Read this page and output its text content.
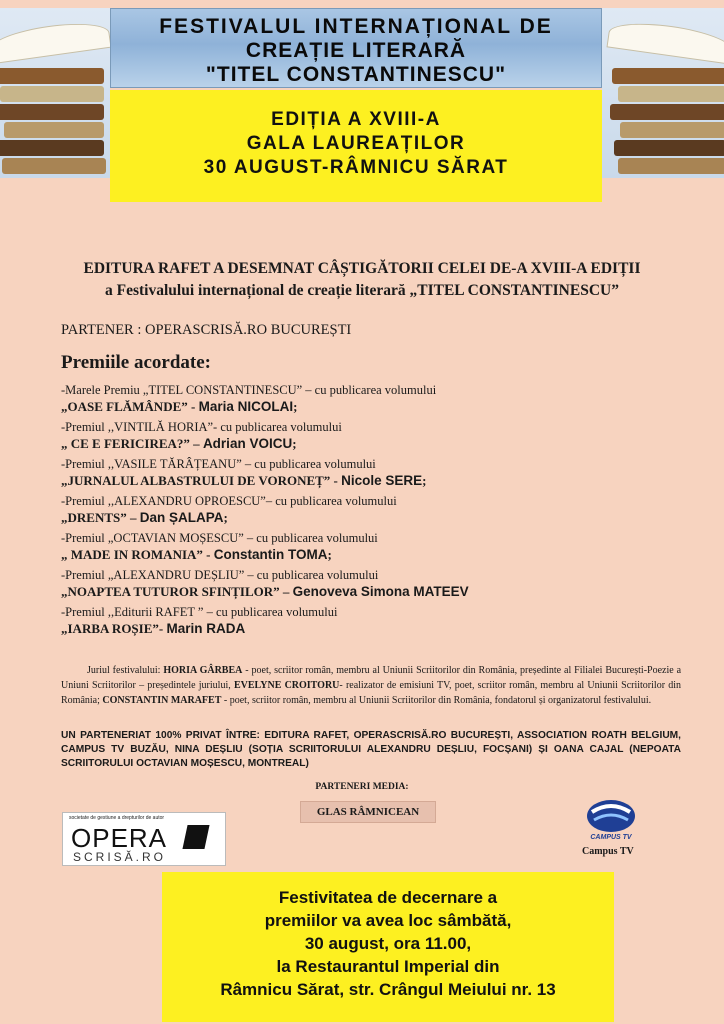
FESTIVALUL INTERNAȚIONAL DE
CREAȚIE LITERARĂ
"TITEL CONSTANTINESCU"
EDIȚIA A XVIII-A
GALA LAUREAȚILOR
30 AUGUST-RÂMNICU SĂRAT
EDITURA RAFET A DESEMNAT CÂȘTIGĂTORII CELEI DE-A XVIII-A EDIȚII
a Festivalului internațional de creație literară „TITEL CONSTANTINESCU”
PARTENER : OPERASCRISĂ.RO BUCUREȘTI
Premiile acordate:
-Marele Premiu „TITEL CONSTANTINESCU” – cu publicarea volumului
„OASE FLĂMÂNDE” - Maria NICOLAI;
-Premiul ,,VINTILĂ HORIA”- cu publicarea volumului
„ CE E FERICIREA?” – Adrian VOICU;
-Premiul ,,VASILE TĂRÂȚEANU” – cu publicarea volumului
„JURNALUL ALBASTRULUI DE VORONEȚ” - Nicole SERE;
-Premiul ,,ALEXANDRU OPROESCU”– cu publicarea volumului
„DRENTS” – Dan ȘALAPA;
-Premiul „OCTAVIAN MOȘESCU” – cu publicarea volumului
„ MADE IN ROMANIA” - Constantin TOMA;
-Premiul „ALEXANDRU DEȘLIU” – cu publicarea volumului
„NOAPTEA TUTUROR SFINȚILOR” – Genoveva Simona MATEEV
-Premiul ,,Editurii RAFET ” – cu publicarea volumului
„IARBA ROȘIE”- Marin RADA

Juriul festivalului: HORIA GÂRBEA - poet, scriitor român, membru al Uniunii Scriitorilor din România, președinte al Filialei București-Poezie a Uniuni Scriitorilor – președintele juriului, EVELYNE CROITORU- realizator de emisiuni TV, poet, scriitor român, membru al Uniunii Scriitorilor din România; CONSTANTIN MARAFET - poet, scriitor român, membru al Uniunii Scriitorilor din România, fondatorul și organizatorul festivalului.

UN PARTENERIAT 100% PRIVAT ÎNTRE: EDITURA RAFET, OPERASCRISĂ.RO BUCUREȘTI, ASSOCIATION ROATH BELGIUM, CAMPUS TV BUZĂU, NINA DEȘLIU (SOȚIA SCRIITORULUI ALEXANDRU DEȘLIU, FOCȘANI) ȘI OANA CAJAL (NEPOATA SCRIITORULUI OCTAVIAN MOȘESCU, MONTREAL)

PARTENERI MEDIA:
GLAS RÂMNICEAN
societate de gestiune a drepturilor de autor
OPERA
SCRISĂ.RO
CAMPUS TV
Campus TV
Festivitatea de decernare a
premiilor va avea loc sâmbătă,
30 august, ora 11.00,
la Restaurantul Imperial din
Râmnicu Sărat, str. Crângul Meiului nr. 13
